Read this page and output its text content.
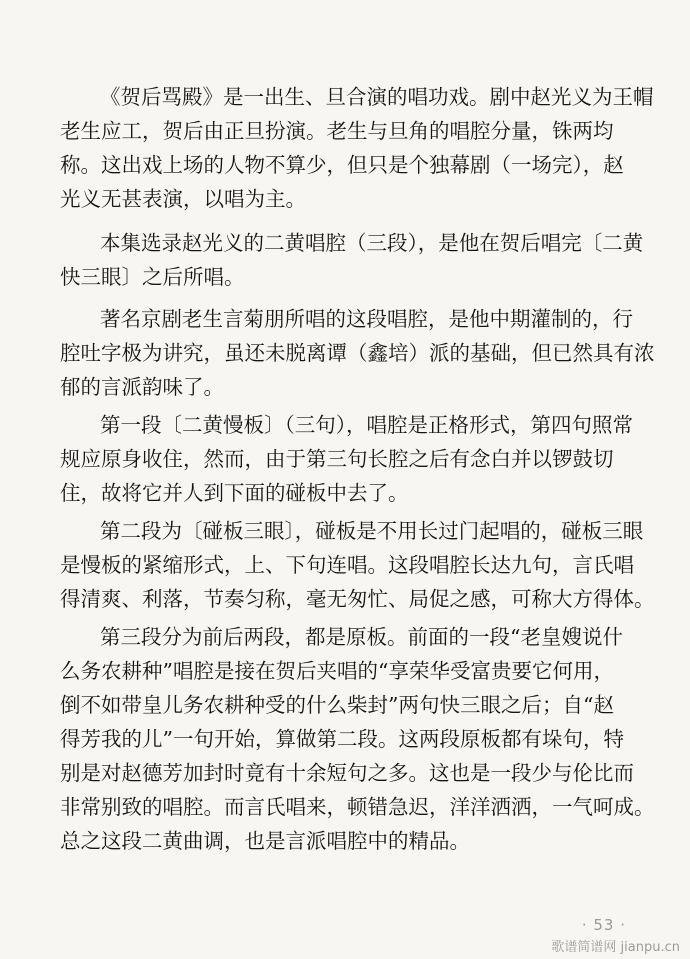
《贺后骂殿》是一出生、旦合演的唱功戏。剧中赵光义为王帽
老生应工，贺后由正旦扮演。老生与旦角的唱腔分量，铢两均
称。这出戏上场的人物不算少，但只是个独幕剧（一场完），赵
光义无甚表演，以唱为主。

本集选录赵光义的二黄唱腔（三段），是他在贺后唱完〔二黄
快三眼〕之后所唱。

著名京剧老生言菊朋所唱的这段唱腔，是他中期灌制的，行
腔吐字极为讲究，虽还未脱离谭（鑫培）派的基础，但已然具有浓
郁的言派韵味了。

第一段〔二黄慢板〕（三句），唱腔是正格形式，第四句照常
规应原身收住，然而，由于第三句长腔之后有念白并以锣鼓切
住，故将它并人到下面的碰板中去了。

第二段为〔碰板三眼〕，碰板是不用长过门起唱的，碰板三眼
是慢板的紧缩形式，上、下句连唱。这段唱腔长达九句，言氏唱
得清爽、利落，节奏匀称，毫无匆忙、局促之感，可称大方得体。

第三段分为前后两段，都是原板。前面的一段“老皇嫂说什
么务农耕种”唱腔是接在贺后夹唱的“享荣华受富贵要它何用，
倒不如带皇儿务农耕种受的什么柴封”两句快三眼之后；自“赵
得芳我的儿”一句开始，算做第二段。这两段原板都有垛句，特
别是对赵德芳加封时竟有十余短句之多。这也是一段少与伦比而
非常别致的唱腔。而言氏唱来，顿错急迟，洋洋洒洒，一气呵成。
总之这段二黄曲调，也是言派唱腔中的精品。

· 53 ·
歌谱简谱网 jianpu.cn
